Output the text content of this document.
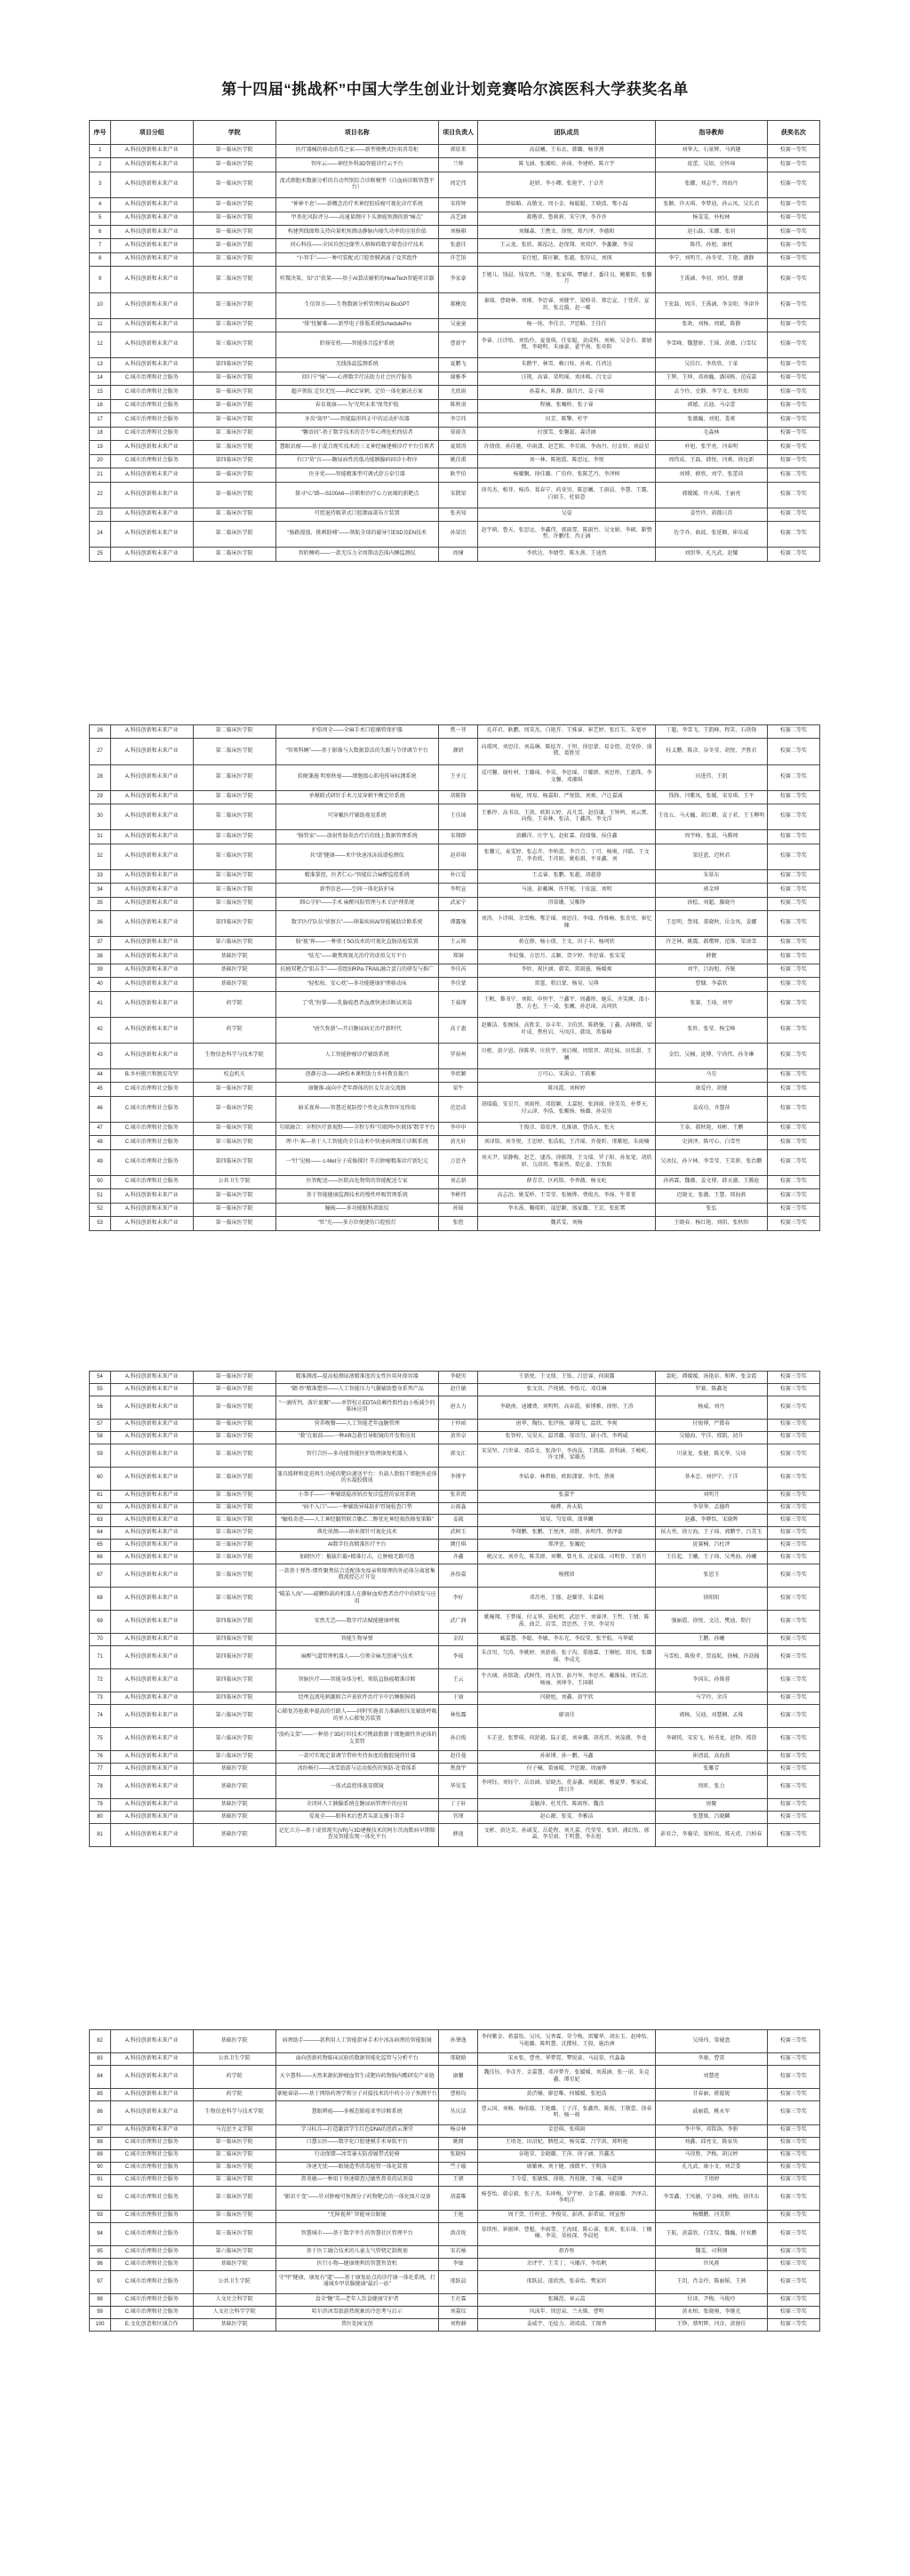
第十四届“挑战杯”中国大学生创业计划竞赛哈尔滨医科大学获奖名单
序号	项目分组	学院	项目名称	项目负责人	团队成员	指导教师	获奖名次
1	A.科技创新和未来产业	第一临床医学院	医疗器械的移动消毒之家——新型便携式医用消毒柜	郭依来	高晨曦、王布衣、韩璐、杨菲燕	刘华大、石景辉、马鸿趣	校赛一等奖
2	A.科技创新和未来产业	第一临床医学院	智库云——神经外科3D智能诊疗云平台	兰帅	陈飞涵、张湘哈、孙琦、李建桥、陈立宇	庞蕾、吴垠、史怀璋	校赛一等奖
3	A.科技创新和未来产业	第一临床医学院	流式细胞术数据分析的自动判别综合诊断模型（白血病诊断智慧平台）	周定伟	赵妍、李小卿、张艳宇、于卓卉	张娜、刘志宇、周海丹	校赛一等奖
4	A.科技创新和未来产业	第一临床医学院	“神神不息”——新概念治疗术神经胶质瘤可视化诊疗系统	宋传钟	蔡如略、高敬文、周小金、杨聪聪、王晓波、鄂小磊	张颖、许天琪、李梦迪、孙云凤、吴长君	校赛一等奖
5	A.科技创新和未来产业	第一临床医学院	甲基化风险评分——高通量测序下头颈癌预测的新“痛点”	高艺涵	郝楷翠、鲁莉莉、宋宁泽、李乔乔	杨雯雯、朴松林	校赛一等奖
6	A.科技创新和未来产业	第一临床医学院	构建列线图和支持向量机预测动静脉内瘘失功率的应用价值	刘杨棋	刘佩森、王携文、徐悦、郑丹泽、李德阳	赵石磊、宋娜、张羽	校赛一等奖
7	A.科技创新和未来产业	第一临床医学院	问心科技——全国首创边缘型人格障碍数字筛查诊疗技术	张惠佳	王云龙、张欣、郝泓达、赵保翔、刘双伊、李蠡颙、李昊	陈伟、孙旭、康枕	校赛一等奖
8	A.科技创新和未来产业	第二临床医学院	“小智手”——一种可装配式口腔骨膜剥离子及其组件	许艺馆	宋仕旭、陈庄颖、张越、张锌议、刘瑛	李宁、刘明月、孙冬莹、王艳、潘静	校赛一等奖
9	A.科技创新和未来产业	第二临床医学院	听微决策，知“音”获果——基于AI算法辅析的HearTech智能听诊器	李家豪	王娅儿、钱晨、钱安然、兰键、张家琪、覃敏才、委佳良、鲍紫阳、张馨月	王禹涵、李羽、刘钊、蔡潮	校赛一等奖
10	A.科技创新和未来产业	第三临床医学院	生信智言——生物数据分析管理的AI BioGPT	郝楸岚	秦瑞、曹晓林、刘琢、李思睿、刘健宇、梁格非、郑忠宣、于凭祥、宣玥、张北璇、赵一晞	王宏磊、周洋、王禹涵、李金阳、李津乔	校赛一等奖
11	A.科技创新和未来产业	第三临床医学院	“排”忧解难——新型电子排版系统SchedulePro	吴童童	杨一纯、李佳音、尹思略、王佳任	张欢、刘杨、周斌、陈静	校赛一等奖
12	A.科技创新和未来产业	第三临床医学院	聆扬安枕——智能体音监护系统	曹新宇	李睿、汪诗怡、刘怡伶、夏曼琪、任宏聪、黄成科、刘响、吴金有、郝婧熙、李晓明、朱丽豪、翟宇南、张奕阳	李雪峰、魏慧娇、王瑶、黄薇、白雪仪	校赛一等奖
13	A.科技创新和未来产业	第四临床医学院	无线体温监测系统	夏鹏飞	朱鹅宇、林雪、赖日桂、孙爽、任鸿达	吴佳红、李欣欣、于革	校赛一等奖
14	C.城市治理和社会服务	第一临床医学院	回归宁“镜”——心理数字疗法助力社会医疗服务	谢雅季	汪现、高睿、栗明瑶、刘沐暘、吕文卓	王辉、王坤、邓南巍、潘国栋、范成嘉	校赛一等奖
15	C.城市治理和社会服务	第一临床医学院	超声领航 定位无忧——PICC穿刺、定位一体化解决方案	尤欣雨	孙嘉木、陈静、谢昌兴、姜子琪	孟令伶、史静、李学文、张秋阳	校赛一等奖
16	C.城市治理和社会服务	第一临床医学院	春育视康——为“光明未来”保驾护航	陈秋羽	程楠、张嘱梓、张子睿	郭嬉、玄迪、马卓蕾	校赛一等奖
17	C.城市治理和社会服务	第一临床医学院	牙齿“盔甲”——智能隐形纠正中的运动护齿器	李宗玮	田芳、陈擎、杉宇	张薇巍、刘旭、娄爽	校赛一等奖
18	C.城市治理和社会服务	第二临床医学院	“馨语屑”-基于数字技术的青少年心理危机终结者	慕雨含	付加雪、张馨蕊、森诗涵	毛淼林	校赛一等奖
19	A.科技创新和未来产业	第二临床医学院	慧眼识瘤——基于混合现实技术的三叉神经痛建模诊疗平台引领者	夏珺涛	许倩倩、孙佳驰、申雨潇、赵艺阳、李星雨、李海丹、付金姈、刘晨星	朴旭、张宇亮、闫春明	校赛一等奖
20	C.城市治理和社会服务	第四临床医学院	有口“莫”言——糖尿病性的低功能胰腺码问诊小程序	姚佳甫	刘一林、陈艳霞、陈思远、李悦	周伟成、王磊、韩悦、闫爽、徐远新	校赛一等奖
21	A.科技创新和未来产业	第一临床医学院	医牙优——智能精准型可调式舒方牵引器	耿宇伯	杨耀飘、徐佳璐、广伯仲、张陈艺丹、李泽树	刘博、薛欣、刘学、张蕾茵	校赛二等奖
22	A.科技创新和未来产业	第一临床医学院	探寻“心”路—S100A6—诊断和治疗心力衰竭的新靶点	宋微梁	徐英杰、相菲、杨涛、葛春宁、药亚男、陈思曦、王雨晨、李慧、王露、白如玉、杜如意	郭媛媛、许天琪、王丽亮	校赛二等奖
23	A.科技创新和未来产业	第二临床医学院	可控退持吸罩式口腔颌面部布片装置	张善知	吴晏	姜竹玲、胡都日苏	校赛二等奖
24	A.科技创新和未来产业	第二临床医学院	“肠路漫漫、挑刺助哺”——领航全球的磁导引ESD及EN技术	孙梁冶	赵宇萌、鲁天、张思远、李鑫伟、郭雨霏、陈雨竹、吴文娟、李硕、靳赞哲、许鹏伟、肖正涵	佐学乔、曲波、张延顺、崔帛威	校赛二等奖
25	A.科技创新和未来产业	第二临床医学院	智聆睡哨——一款无压力全周期动态体内睡监测仪	周憧	李欣达、李婧瑩、陈水燕、王迪然	刘织华、孔凡武、赵耀	校赛二等奖
26	A.科技创新和未来产业	第二临床医学院	护俗周全——全麻手术口腔插管保护器	焦一菲	孔祥君、耿鹏、周笑杰、白艳卉、王姝睿、崔艺婷、张红玉、朱宽亭	丁超、李雪飞、王凯峰、程笑、石铁锋	校赛二等奖
27	A.科技创新和未来产业	第二临床医学院	“智领科睡”——基于影像与大数据算法的失眠与节律调节平台	颜妍	向璟珂、刘思佳、刘晶琳、陈炫卉、于恒、徐思蒙、易金煜、范莹侨、盛微、葛胜男	桂义鹏、陈彦、谷冬莹、胡悦、尹胜君	校赛二等奖
28	A.科技创新和未来产业	第二临床医学院	软硬兼施 明察秋毫——细胞级心肌电传导标测系统	王圣元	禚可馨、谢柱材、王璐琦、李昊、李思瑶、计耀群、刘思彤、王惠珠、李文馨、邓湘琪	田进伟、王凯	校赛二等奖
29	A.科技创新和未来产业	第二临床医学院	单模联式研针手术刀及穿刺平衡定位系统	胡陈锋	杨妮、周易、杨嘉阳、严悦铭、刘爽、卢让嘉诚	钱锋、闫紫凤、张媛、宋安琪、王平	校赛二等奖
30	A.科技创新和未来产业	第二临床医学院	可穿戴医疗辅助视觉系统	王佳琦	王雅停、高书语、王洪、欧阳五婷、高凡雪、赵伯谦、王钟鸣、刘云霄、向俊、王春林、张洁、于鑫涛、李文洋	王贵五、马天巍、胡江卿、袁子茗、王玉柳明	校赛二等奖
31	A.科技创新和未来产业	第三临床医学院	“肠管家”——放射性肠炎治疗后的线上数据管理系统	宋翔群	黄麟洋、庄宇飞、赵虹霖、段瑞强、侯佳鑫	周宇峰、张蕊、马腾闯	校赛二等奖
32	A.科技创新和未来产业	第三临床医学院	共“谱”健康——术中快速冰冻质谱检测仪	赵祥琪	张馨元、麦雯婷、张志卉、李柏蛋、李百合、丁可、杨奥、闫皓、王文青、李杏欣、王祎陌、姚松祺、平亚鑫、刘	梁廷蓝、迟秋君	校赛二等奖
33	A.科技创新和未来产业	第三临床医学院	精准掌控，医者仁心-“智能综合麻醉监控系统	朴江爱	王孟睿、张鹏、张越、胡越蓉	朱慕东	校赛二等奖
34	A.科技创新和未来产业	第三临床医学院	新型信息——空间一体化防护床	李明宣	马迪、彭戴琳、许开妮、于依滋、刘明	郭金坤	校赛二等奖
35	A.科技创新和未来产业	第三临床医学院	细心守护——手术 麻醉风险管理与术 后护理系统	武家宁	得慕珊、吴唯铮	徐桧、刘超、滕晓丹	校赛二等奖
36	A.科技创新和未来产业	第四临床医学院	数字医疗队伍“侦察兵”——卵巢疾病AI智能辅助诊断系统	谭露强	刘涛、卜诗琪、余雪梅、鄂芷瑶、刘思佳、李瑞、佟姝畅、张奇男、崔忆臻	王思明、訾闻、董晓秋、岳金凤、姜娜	校赛二等奖
37	A.科技创新和未来产业	第六临床医学院	肠“视”界——一种基于5G技术的可视化直肠活检装置	王云帅	蒋在群、杨小倩、王文、田子丰、杨珂欣	许芝林、姚震、郝璎辉、范维、梁冰雪	校赛二等奖
38	A.科技创新和未来产业	基础医学院	“炫光”——聚焦现视光治疗的虚拟交互平台	郑铜	李妏强、方思月、孟颖、贺夕婷、李思睿、张宋雯	薛靓	校赛二等奖
39	A.科技创新和未来产业	基础医学院	抗瘤双靶点“狙击手”——重组SIRPα-TRAIL融合蛋白的研发与推广	李佳芮	李姈、祝区涵、韩笑、雷雨墨、杨媛爽	刘宇、吕海旭、齐眠	校赛二等奖
40	A.科技创新和未来产业	基础医学院	“轻松桉、安心枕”—多功能健康护理移动床	李佳蒙	雷霆、租启蒙、杨昊、吴典	曹慷、李嘉欣	校赛二等奖
41	A.科技创新和未来产业	药学院	了“乳”扮掌——乳腺癌患者血液快速诊断试剂盒	王茹瑾	王帆、黎书宁、刘阳、申恒宇、兰鑫宇、周鑫彤、她乐、齐笑颜、邵小慧、方也、王一凌、张曦、孙思琦、高珂欣	张赛、王琦、刘甲	校赛二等奖
42	A.科技创新和未来产业	药学院	“唐久弥新”—开启糖尿病足治疗新时代	高于惠	赵雁洁、张婉绮、高胜茉、谷丰年、卫伯溟、陈鹤强、丁鑫、高榭微、梁叶成、焦柱岩、马凤佳、韩岚、常临峰	张姈、张莹、杨宝峰	校赛二等奖
43	A.科技创新和未来产业	生物信息科学与技术学院	人工智能肿瘤诊疗辅助系统	罗裕州	川枢、黄夕恩、徐陈华、庄欣宇、刘启模、周铭晋、胡壮妹、田怡甜、王曦	金恰、吴楠、庞博、宁尚伟、孙冬琳	校赛二等奖
44	B.乡村振兴和脱贫攻坚	校直机关	创静方动——AR校本课程助力乡村教育振兴	李欣颖	万可心、宋禹卓、王筱雅	马星	校赛二等奖
45	C.城市治理和社会服务	第一临床医学院	康聚维-面向中老年群体的医友互动交流圈	梁牛	陈凤霞、刘树婷	康爱玲、胡键	校赛二等奖
46	C.城市治理和社会服务	第一临床医学院	暗采视界——智慧近视防控个性化高焦智库及终端	范思成	胡瑞璇、安星月、刘雨彤、邓殷颖、太嘉旭、张润雨、徐美英、朴梦天、付云津、李浩、张顺扬、杨璐、孙昊男	姜成功、齐慧萍	校赛二等奖
47	C.城市治理和社会服务	第一临床医学院	互联融合：全程医疗新视野——全程专科“互联网+医联体”数字平台	李申申	王俊彦、慕依泽、孔维康、曹浩天、张天	王泰、郝秋艳、刘彬、王鹏	校赛二等奖
48	C.城市治理和社会服务	第三临床医学院	理·中·客—基于人工智能的全自动术中快速病理图片诊断系统	黄凡轩	刘译铭、刘冬悦、王思婷、张浩航、王泮瑶、乔曼昕、邢紫旭、朱雨楠	史润泽、陈可心、白雪竹	校赛二等奖
49	C.城市治理和社会服务	第四临床医学院	一“针”见瘤—— c-Met分子成像探针 开启肿瘤精准诊疗新纪元	万思齐	刘天尹、梁静梅、赵艺、逮涛、徐振翔、王文瑞、罗子阳、孙复笔、胡欣妍、乌浴玥、鄂景然、董亿豪、王钦阳	吴冰仪、孙夕林、李雪莹、王笑妍、张治鹏	校赛二等奖
50	C.城市治理和社会服务	公共卫生学院	医智配送——医院高危物资的智能配送专家	刘志新	薛青青、区药铭、李香薇、杨文屹	孙鸿霖、魏薇、姜文博、韩天湖、王腾庭	校赛二等奖
51	A.科技创新和未来产业	第一临床医学院	基于智能健康监测技术的慢性呼吸管理系统	李彬炜	高志冶、姚雯桥、王雪莹、张婉烨、费俊杰、李扬、牛菁菁	迟晓文、张薇、王慧、邢海燕	校赛三等奖
52	A.科技创新和未来产业	第一临床医学院	瞳砚——多功能眼科训练仪	孙铋	李水禹、鞠璟昕、晟思颖、盛家璐、王京、张虹霄	张弘	校赛三等奖
53	A.科技创新和未来产业	第一临床医学院	“牡”光——多方位便捷仿口腔照灯	张煜	魏茗雯、刘杨	王晓春、杨红艳、刘阳、张秋阳	校赛三等奖
54	A.科技创新和未来产业	第一临床医学院	精准测流—提高检测尿液精准度的女性医用环保容器	李晓男	王新悦、王文鼎、王铄、吕思睿、何雨露	裴屹、谭媛媛、汤艳彩、和晖、张金霞	校赛三等奖
55	A.科技创新和未来产业	第一临床医学院	“御·纱”精准塑形——人工智能压力气囊辅助塑身系列产品	赵仕敏	张文贵、芦纯婧、李怡元、邓佳琳	罗赛、陈鑫尧	校赛三等奖
56	A.科技创新和未来产业	第一临床医学院	“一滴所判，落针裹聚”——单管校正EDTA依赖性假性血小板减少的临床应用	唐大力	李晓南、迪娜费、刘明明、高春霞、崔博雅、徐彤、王涛	杨威、刘丹	校赛三等奖
57	A.科技创新和未来产业	第一临床医学院	营养晚餐——人工智能老年血糖管理	于仲函	唐华、陶钰、张伊扬、廖翔飞、温欣、李爽	付俊博、严微春	校赛三等奖
58	A.科技创新和未来产业	第二临床医学院	“救”在眼前——一种AR急救引导眼镜的开发和应用	黄世卓	张智梓、吴昊天、温晋璐、邬语匀、剧小伟、李鸣威	吴德海、宇洋、邢凯、初升	校赛三等奖
59	A.科技创新和未来产业	第二临床医学院	智行合医—多功能智能医护助理康复机器人	郭文汇	宋昊坚、吕世睿、邓浩文、张洛中、李海晶、王凯璇、黄科涵、王峻屹、许文博、梁雄杰	川景龙、张健、陈光华、吴琦	校赛三等奖
60	A.科技创新和未来产业	第二临床医学院	兼具缓释和促进再生功能的靶向递送平台：负载人脂肪干细胞外泌体的水凝胶微球	李博宇	李姞豪、林碧晗、欧阳潇蒙、李伟、蔡奥	基本忠、刘伊宁、于洋	校赛三等奖
61	A.科技创新和未来产业	第二临床医学院	小帮手——一种辅助隐形矫治复诊监控的家用系统	张茗闳	张嘉宇	刘明月	校赛三等奖
62	A.科技创新和未来产业	第二临床医学院	“病不入口”——一种辅助异味防护胃镜检查口垫	公雨淼	杨晔、孙天航	李翠华、孟德旿	校赛三等奖
63	A.科技创新和未来产业	第二临床医学院	“触枝奇迹——人工神经髓管联合聚乙二醇优化神经损伤修复策略”	姜疏	知昊、匀发琪、漆华豳	赵鑫、李咿怡、宋晓晖	校赛三等奖
64	A.科技创新和未来产业	第三临床医学院	典灶侦测——纳米探针可视化技术	武树玉	李翔鹏、张鹏、王悦泽、胡胜、孙明伟、蔡泽豪	侯大勇、徐万海、王子琦、郭鹏宇、吕美玉	校赛三等奖
65	A.科技创新和未来产业	第三临床医学院	AI数字仿真精准医疗平台	颜仕琪	郑泽萱、张巍纶	庞赛楠、吕杜泽	校赛三等奖
66	A.科技创新和未来产业	第三临床医学院	加磅医疗：摧拔拦截+精准打击，让肿瘤无路可逃	齐鑫	税汉文、刘乔先、陈美群、刘攀、曾凡书、沈家瑞、司明骨、王新月	王佳起、王曦、王子琦、吴秀海、孙曦	校赛三等奖
67	A.科技创新和未来产业	第三临床医学院	一款基于弹性-惯性聚焦结合适配体免疫亲和原理的外泌体分离富集微流控芯片开发	孙悟嘉	杨熙留	张恩玉	校赛三等奖
68	A.科技创新和未来产业	第三临床医学院	“破茧入海”——磁颗粒载药机器人在静脉血栓患者治疗中的研发与应用	李好	邓苏勇、王伽、赵耀菲、朱嘉岐	徐阳阳	校赛三等奖
69	A.科技创新和未来产业	第四临床医学院	安然无恙——数字疗法赋能健康呼吸	武广润	姚喻翔、王梦瑶、付义华、慕松明、武思平、刘睿泽、王哲、王婧、陈禹、曲芸、苗雪、贺思然、王智、李昊男	强丽霞、徐悦、文达、樊迪、斯行	校赛三等奖
70	A.科技创新和未来产业	第四临床医学院	智能生物导弹	金段	臧嘉慧、李聪、李敏、李东光、李炆莹、张宇航、马华斌	王鹏、孙曦	校赛三等奖
71	A.科技创新和未来产业	第四临床医学院	麻醉气道管理机器人——引领全麻无创通气技术	李茹	朱彦男、匀涛、李姚婷、刘新萌、张子沟、董德霖、王桐旭、双凤、张璐瑶、李成光	马雪松、陈俊孝、贺福航、徐楠、许劼翰	校赛三等奖
72	A.科技创新和未来产业	第四临床医学院	智脉医疗——智能身体分析，领航直肠癌精准诊断	王云	牛古璃、孙铭勋、武树伟、周大智、彭丹岑、李思丞、戴维妹、周乐冶、杨丽、刘坤冬、王国棋	李国东、孙姝蓉	校赛三等奖
73	A.科技创新和未来产业	第四临床医学院	经颅直流电刺激联合声景软件治疗卒中后睡眠障碍	于康	闫晓旭、刘鑫、黄宇欣	马学玲、余洋	校赛三等奖
74	A.科技创新和未来产业	第六临床医学院	心肺复苏抢救率提高的引路人——同时实施省力准确按压及辅助呼吸的单人心肺复苏装置	林怡露	廖羽佳	郭杨、吴迪、刘慧娴、孟姝	校赛三等奖
75	A.科技创新和未来产业	第六临床医学院	“浚屿支架”——一种基于3D打印技术可携载脂源于细胞源性外泌体的支架管	孙启俊	车芷萱、张梦琪、荷舒越、陆正乾、刘章骥、胡兆晋、刘茄薇、李龙	李硕铸、宋宏飞、柏书龙、赵铮、郑澄	校赛三等奖
76	A.科技创新和未来产业	第六临床医学院	一款可实现定量调节带仲夹持角度的腹腔镜持针器	赵佳曼	孙崔博、孙一鹏、马鑫	崔清波、高海燕	校赛三等奖
77	A.科技创新和未来产业	基础医学院	冰纷畅行——冰雪旅游与运动损伤的预防-处置体系	焦敖宇	付子楠、董丽晴、尹思源、周丽烨	张雁芳	校赛三等奖
78	A.科技创新和未来产业	基础医学院	一体式温控体视显微镜	华昊雯	李珂钰、刘钰宁、岳语涵、梁晓杰、优泰鑫、刘聪影、穆夏梦、鄂家威、郎日升	周昕、张力	校赛三等奖
79	A.科技创新和未来产业	基础医学院	全闭环人工胰腺系统在糖尿病管理中的应用	丁子轩	姜毓萍、杜芃伟、陈雨彤、魏浛	房聚	校赛三等奖
80	A.科技创新和未来产业	基础医学院	爱视全——眼科术后患者头部支撑小帮手	官瑾	赵心源、张雯、李雅洁	张慧姝、吕晓麟	校赛三等奖
81	A.科技创新和未来产业	基础医学院	记忆立方—基于虚拟现实(VR)与3D建模技术的阿尔茨海默病早期筛查及智能发现一体化平台	薛迪	文彬、黄达芙、孙诚雯、岳乾程、刘凡嘉、代莹莹、张妍、浦幻怡、郭焱、李星雨、王明慧、李东旭	彭亚合、李襄荣、梁柏岚、郑天虎、吕柏春	校赛三等奖
82	A.科技创新和未来产业	基础医学院	病理助手———款利用人工智能指导手术中冰冻病理的智能眼镜	孙肇逸	李何紫金、蒋嘉怡、吴风、吴香霖、荣令梅、雷耀华、胡东玉、赵坤怡、马艳璐、陈明慧、沈撄桂、王殷、施治洲	吴琦玮、梁砚盘	校赛三等奖
83	A.科技创新和未来产业	公共卫生学院	面向创新药物临床试验的数据智能化监管与分析平台	邢晓晗	宋永张、曹勇、华梦霓、覃锐豪、马晨慕、代淼淼	李康、曹雷	校赛三等奖
84	A.科技创新和未来产业	药学院	天卒慧科——天然来源抗肿瘤血管生成靶向药物肠内酯研发产业链	康馨	魏佳钰、李彦卉、金嘉慧、邓冲梦卉、张媛媛、刘禹涵、张一诺、朱竞鑫、谭星妃	刘慧迹	校赛三等奖
85	A.科技创新和未来产业	药学院	寨她睿诺——基于网络药理学和分子对接技术的中药小分子预测平台	曹格均	黄渋楠、廖思唯、何媛媛、张旭浩	甘春丽、蒋媞妮	校赛三等奖
86	A.科技创新和未来产业	生物信息科学与技术学院	慧眼辨癌——多模态肺癌亚型诊断系统	丛庆洁	曹云国、刘畅、杨依璇、王艳璐、丁子洋、张鑫然、陈俊、王敬蕾、徐春明、杨一萌	戚丽霞、桃永军	校赛三等奖
87	A.科技创新和未来产业	马克思主义学院	学习标兵—打造激活学生红色DNA的思政云课堂	杨卓林	金思琪、张琪雨	李中华、邓铭洛、李册	校赛三等奖
88	C.城市治理和社会服务	第一临床医学院	口慧公医——数字化口腔建模手术导航平台	姚岡	王堉尧、田沼妃、鹪煜灵、杨昊霖、吕学洪、郑明艳	刘鑫、邱亮文、陈家奂	校赛三等奖
89	C.城市治理和社会服务	第二临床医学院	行动保镖—冰雪暴天防滑履带式轮椅	张晓桂	谷艳荣、金晓璐、王萍、徐子涵、宫鑫杰	马得胜、尹梅、胡汉婷	校赛三等奖
90	C.城市治理和社会服务	第二临床医学院	净速无忧——眼镜造型消毒检管一体化装置	竺子璇	康繁林、刘于健、盛微平、王明洛	孔凡武、康小文、刘芸娄	校赛三等奖
91	C.城市治理和社会服务	第二临床医学院	鼻炎敏—一种用于快速筛查过敏性鼻炎的试剂盒	王朝	王今爱、张敏姝、徐艳、肖枝健、王楠、马乾坤	王堉婷	校赛三等奖
92	C.城市治理和社会服务	第三临床医学院	“影识千变”——针对肿瘤可预测分子药物靶点的一体化图片设备	胡嘉唯	杨誉怡、韩卓毅、张子杰、朱坤梅、罗宇婷、金玉鑫、薛雨璐、尹泽吉、李明洋	李雪鑫、王凤敏、宁金峰、刘梅、徐世东	校赛三等奖
93	C.城市治理和社会服务	第三临床医学院	“无障视界” 智能导盲眼镜	王艳	周干贺、任梓萱、李俊昊、彭鸿、彭希宸、周宣彤	杨赠鹏、闫美斯	校赛三等奖
94	C.城市治理和社会服务	第三临床医学院	智慧城市——基于数字孪生的智慧社区管理平台	洪彦铌	慕续彤、崔振坤、曹魁、李雨霏、王海闻、陈心睿、张爽、张东琦、丁穰楠、李昊、莫桉深、李晨旭	王航、黄嘉欣、白雪仪、魏巍、付亚鹏	校赛三等奖
95	C.城市治理和社会服务	第六临床医学院	基于医工融合技术的儿童支气管桡定制规划	宋若柚	祖乔彤	魏雯、司利钢	校赛三等奖
96	C.城市治理和社会服务	基础医学院	医行小物—健康便利的智慧售货机	李铀	余评宇、王美丁、马珊洋、李怡帆	许凤燕	校赛三等奖
97	C.城市治理和社会服务	公共卫生学院	守“甲”健康，康复有“道”——基于康复站点的诊疗康一体化系统，打通城乡甲状腺健康“最后一站”	邢跃晨	邢跃晨、邵欣然、张春怡、樊家圻	王玥、肖金玲、陈丽韬、王茜	校赛三等奖
98	C.城市治理和社会服务	人文社会科学院	食全“糖”美—老年人饮食健康守护者	王社霖	张珮菎、章云喆	付译、尹梅、马俊玲	校赛三等奖
99	C.城市治理和社会服务	人文社会科学学院	哈尔滨冰雪旅游热现象的冷思考与启示	刘嘉仪	风泳年、周思泉、兰天姝、曹明	黄永柏、张晓奥、李继光	校赛三等奖
100	E.文化创意和区域合作	基础医学院	普医处园文创	刘程赫	姜威宇、毛炫力、胡靖波、王图香	王铮、蔡明辉、闫彦、黄湹佳	校赛三等奖
